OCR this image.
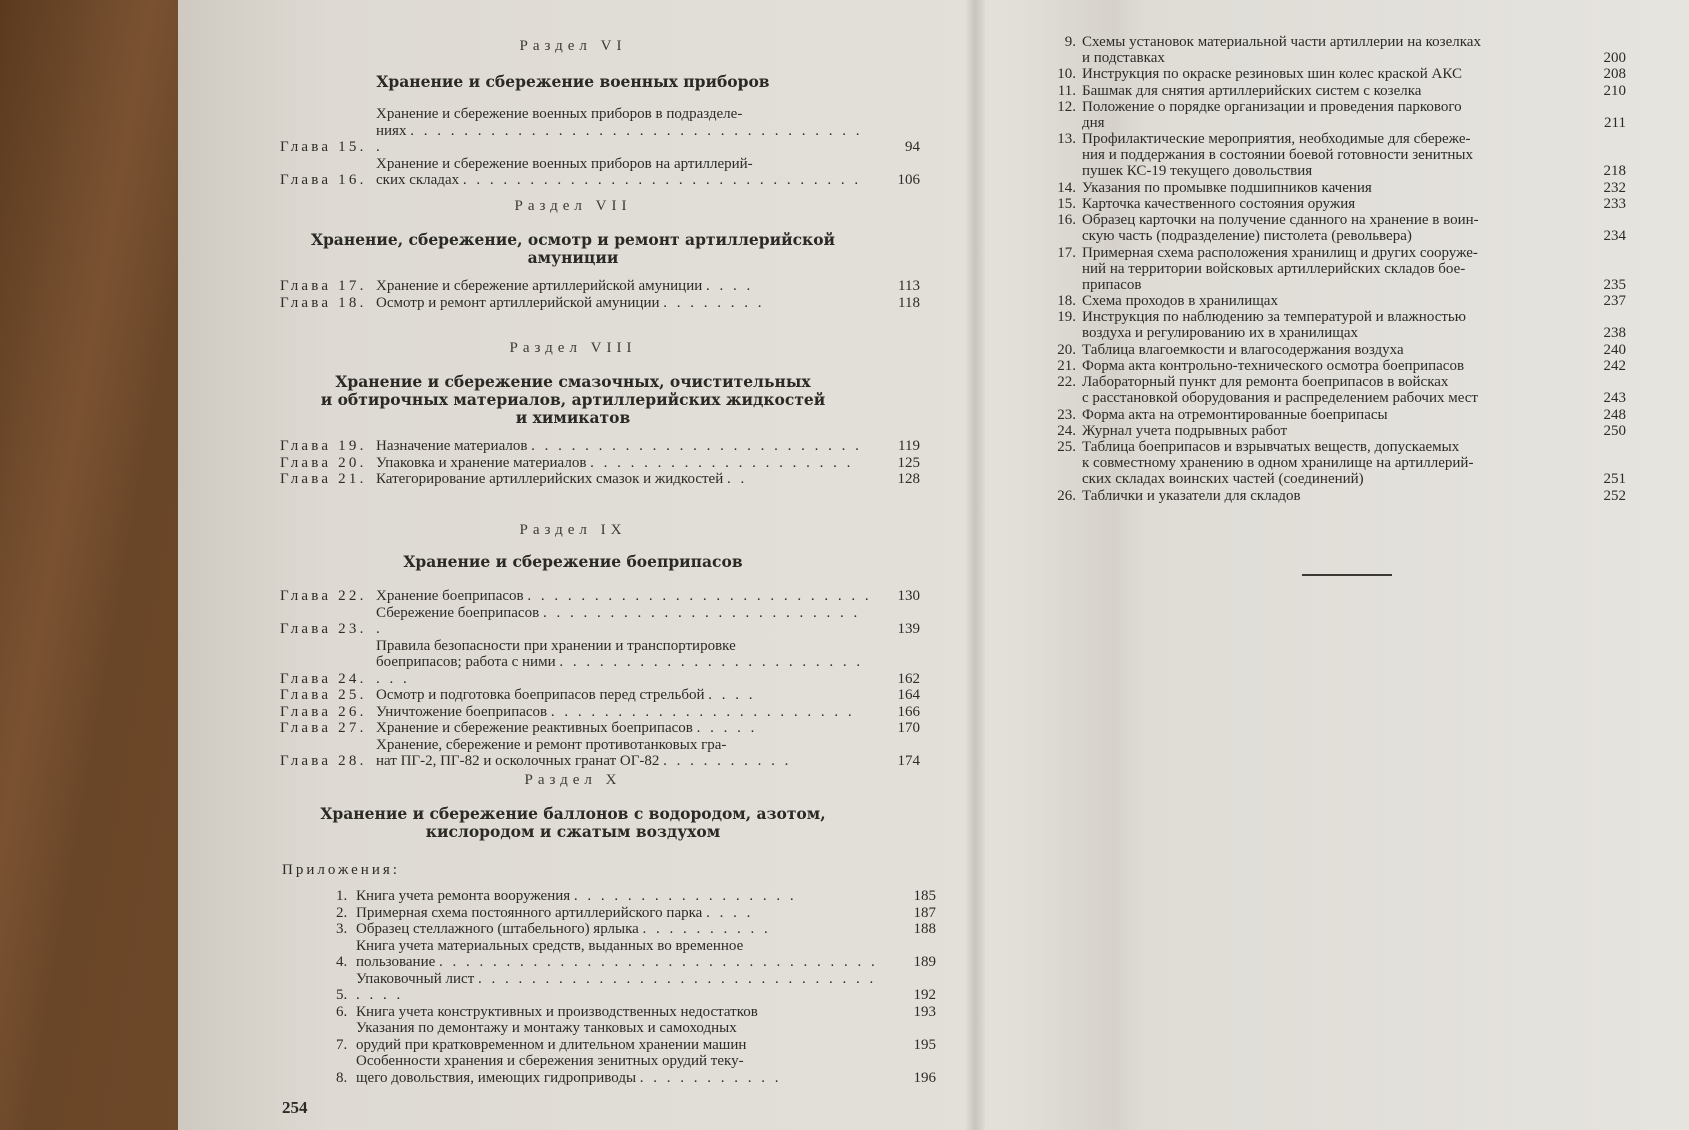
Раздел VI
Хранение и сбережение военных приборов
Глава 15.
Хранение и сбережение военных приборов в подразделе-
ниях . . . . . . . . . . . . . . . . . . . . . . . . . . . . . . . . . . .	94
Глава 16.
Хранение и сбережение военных приборов на артиллерий-
ских складах . . . . . . . . . . . . . . . . . . . . . . . . . . . . . .	106
Раздел VII
Хранение, сбережение, осмотр и ремонт артиллерийской
амуниции
Глава 17. Хранение и сбережение артиллерийской амуниции . . . .	113
Глава 18. Осмотр и ремонт артиллерийской амуниции . . . . . . . .	118
Раздел VIII
Хранение и сбережение смазочных, очистительных
и обтирочных материалов, артиллерийских жидкостей
и химикатов
Глава 19. Назначение материалов . . . . . . . . . . . . . . . . . . . . . . . . .	119
Глава 20. Упаковка и хранение материалов . . . . . . . . . . . . . . . . . . . .	125
Глава 21. Категорирование артиллерийских смазок и жидкостей . .	128
Раздел IX
Хранение и сбережение боеприпасов
Глава 22. Хранение боеприпасов . . . . . . . . . . . . . . . . . . . . . . . . . .	130
Глава 23.
Сбережение боеприпасов . . . . . . . . . . . . . . . . . . . . . . . . .	139
Глава 24.
Правила безопасности при хранении и транспортировке
боеприпасов; работа с ними . . . . . . . . . . . . . . . . . . . . . . . . . .	162
Глава 25. Осмотр и подготовка боеприпасов перед стрельбой . . . .	164
Глава 26. Уничтожение боеприпасов . . . . . . . . . . . . . . . . . . . . . . .	166
Глава 27. Хранение и сбережение реактивных боеприпасов . . . . .	170
Глава 28.
Хранение, сбережение и ремонт противотанковых гра-
нат ПГ-2, ПГ-82 и осколочных гранат ОГ-82 . . . . . . . . . .	174
Раздел X
Хранение и сбережение баллонов с водородом, азотом,
кислородом и сжатым воздухом
Приложения:
1. Книга учета ремонта вооружения . . . . . . . . . . . . . . . . .	185
2. Примерная схема постоянного артиллерийского парка . . . .	187
3. Образец стеллажного (штабельного) ярлыка . . . . . . . . . .	188
4.
Книга учета материальных средств, выданных во временное
пользование . . . . . . . . . . . . . . . . . . . . . . . . . . . . . . . . .	189
5.
Упаковочный лист . . . . . . . . . . . . . . . . . . . . . . . . . . . . . . . . . .	192
6. Книга учета конструктивных и производственных недостатков	193
7.
Указания по демонтажу и монтажу танковых и самоходных
орудий при кратковременном и длительном хранении машин	195
8.
Особенности хранения и сбережения зенитных орудий теку-
щего довольствия, имеющих гидроприводы . . . . . . . . . . .	196
254
9. Схемы установок материальной части артиллерии на козелках
и подставках	200
10. Инструкция по окраске резиновых шин колес краской АКС	208
11. Башмак для снятия артиллерийских систем с козелка	210
12. Положение о порядке организации и проведения паркового
дня	211
13. Профилактические мероприятия, необходимые для сбереже-
ния и поддержания в состоянии боевой готовности зенитных
пушек КС-19 текущего довольствия	218
14. Указания по промывке подшипников качения	232
15. Карточка качественного состояния оружия	233
16. Образец карточки на получение сданного на хранение в воин-
скую часть (подразделение) пистолета (револьвера)	234
17. Примерная схема расположения хранилищ и других сооруже-
ний на территории войсковых артиллерийских складов бое-
припасов	235
18. Схема проходов в хранилищах	237
19. Инструкция по наблюдению за температурой и влажностью
воздуха и регулированию их в хранилищах	238
20. Таблица влагоемкости и влагосодержания воздуха	240
21. Форма акта контрольно-технического осмотра боеприпасов	242
22. Лабораторный пункт для ремонта боеприпасов в войсках
с расстановкой оборудования и распределением рабочих мест	243
23. Форма акта на отремонтированные боеприпасы	248
24. Журнал учета подрывных работ	250
25. Таблица боеприпасов и взрывчатых веществ, допускаемых
к совместному хранению в одном хранилище на артиллерий-
ских складах воинских частей (соединений)	251
26. Таблички и указатели для складов	252
